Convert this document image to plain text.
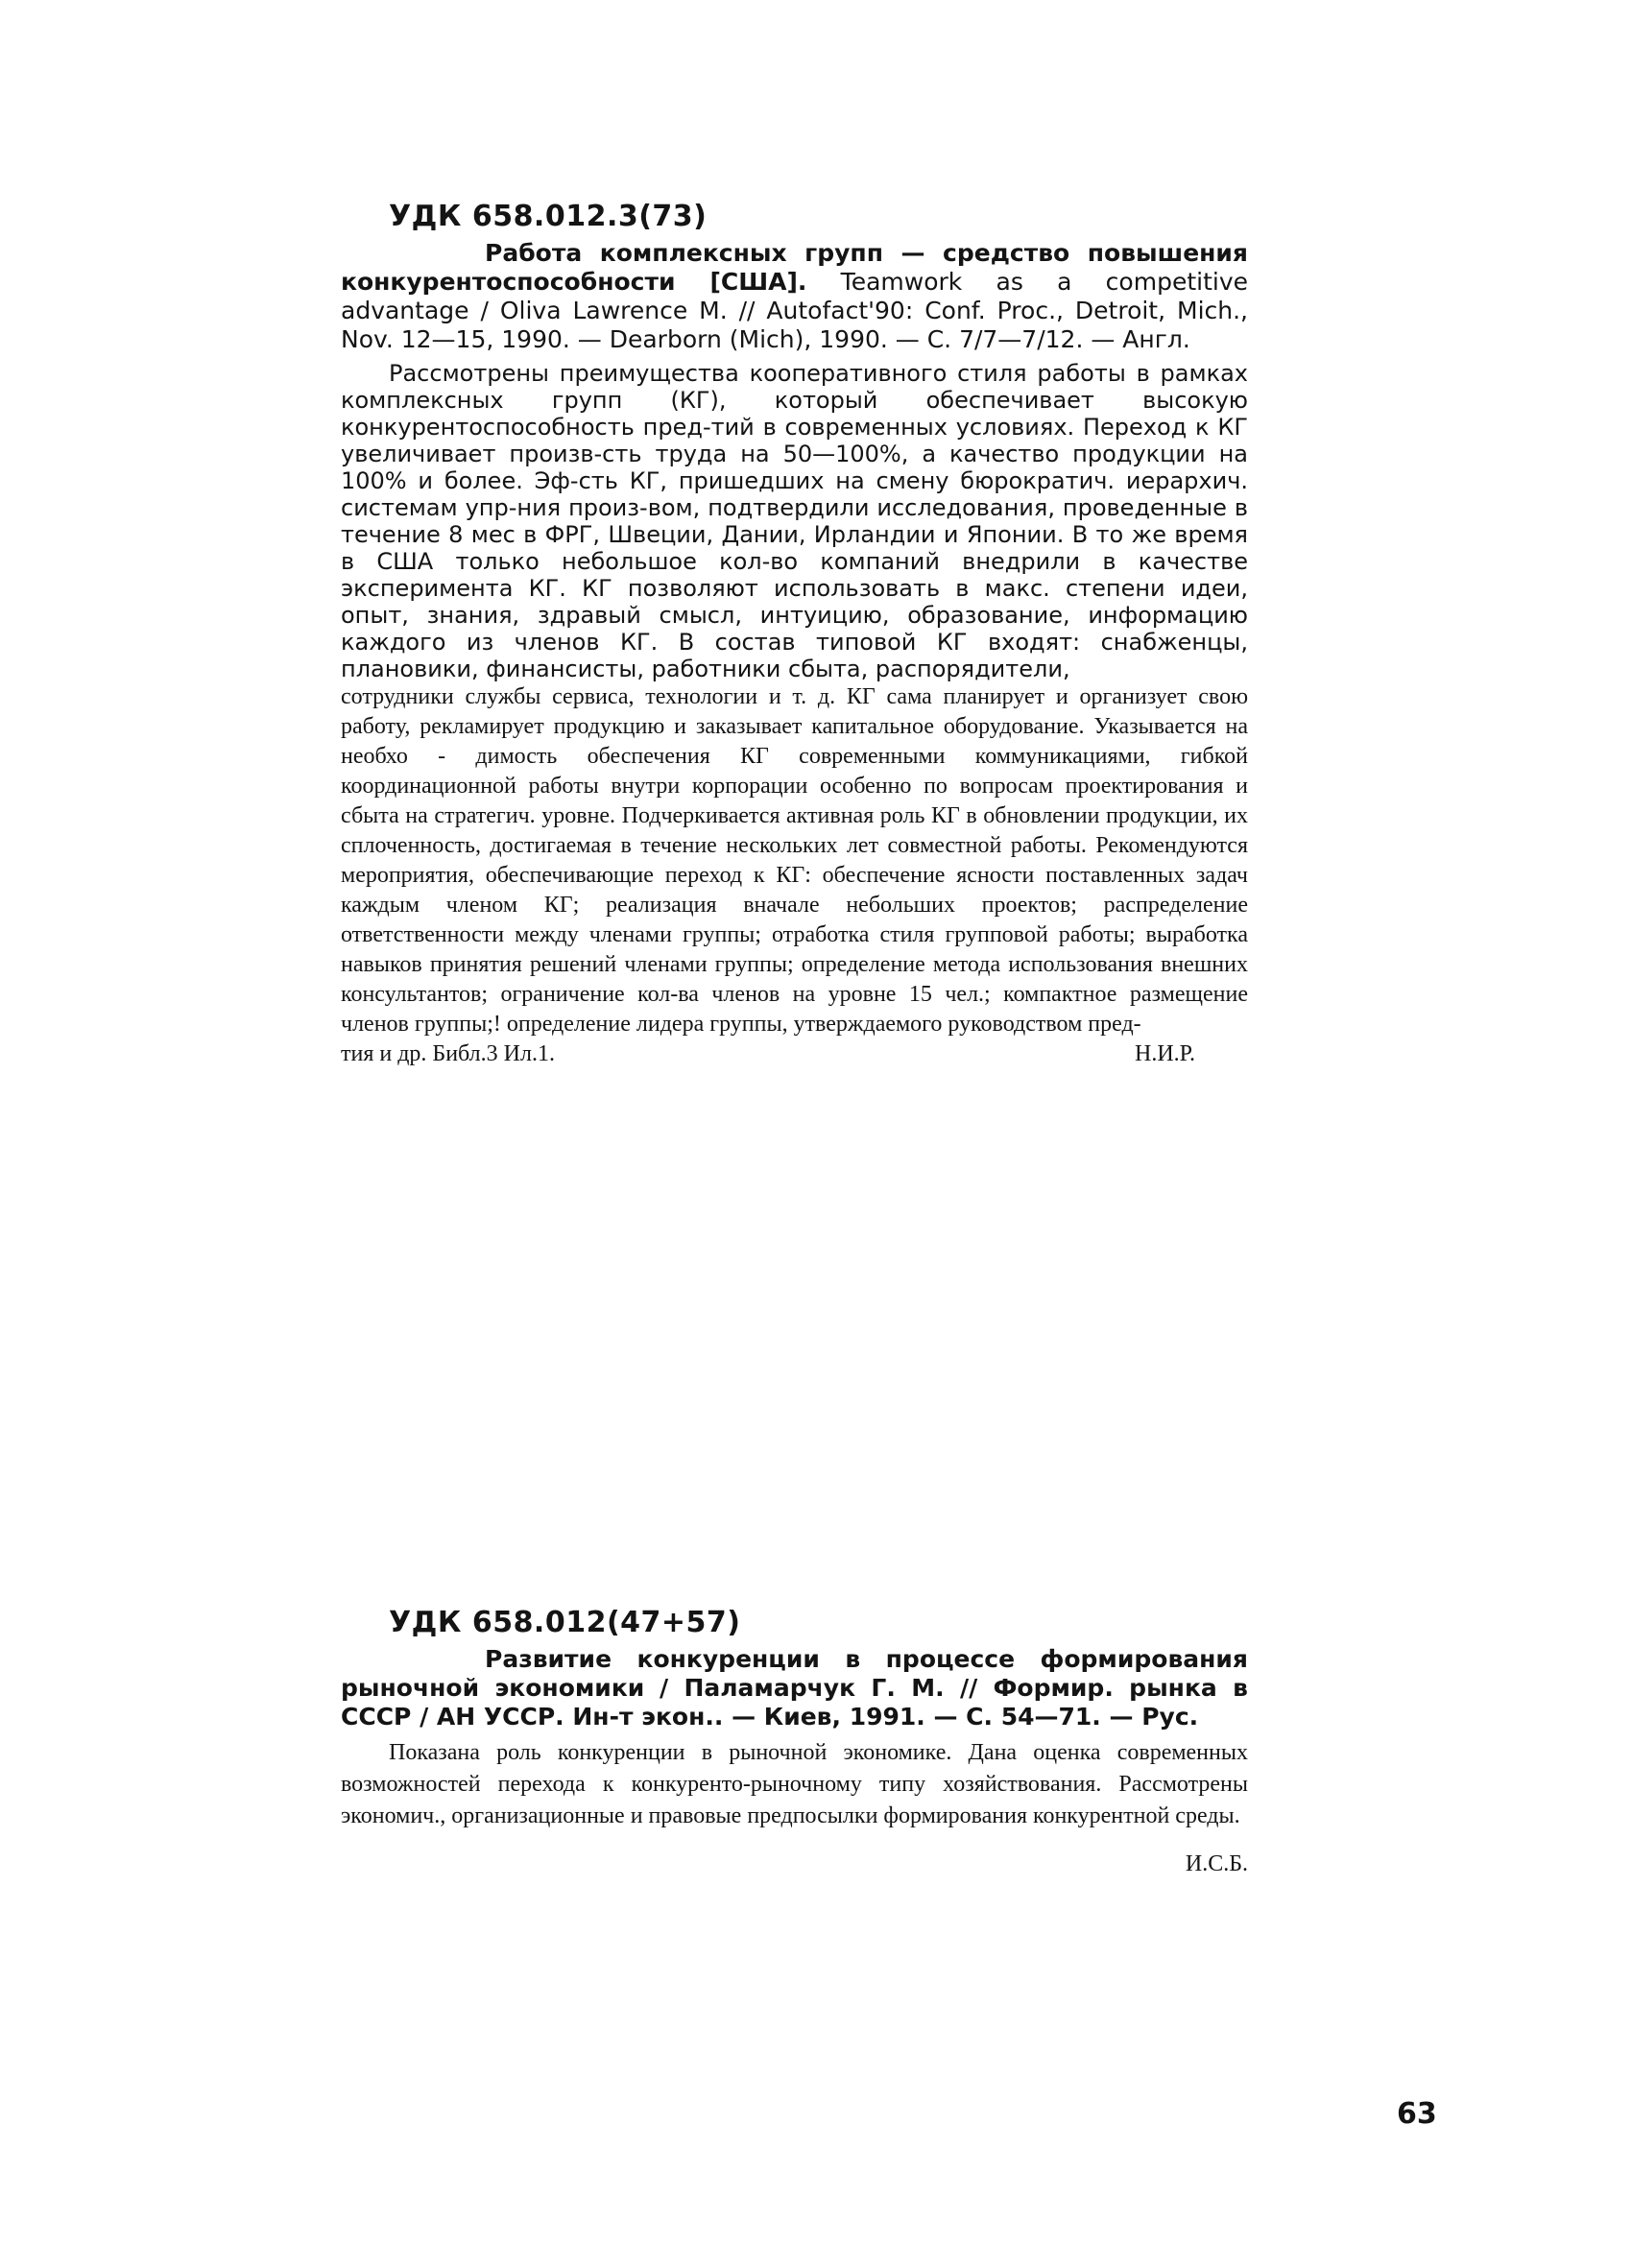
УДК 658.012.3(73)

Работа комплексных групп — средство повышения конкурентоспособности [США]. Teamwork as a competitive advantage / Oliva Lawrence M. // Autofact'90: Conf. Proc., Detroit, Mich., Nov. 12—15, 1990. — Dearborn (Mich), 1990. — С. 7/7—7/12. — Англ.

Рассмотрены преимущества кооперативного стиля работы в рамках комплексных групп (КГ), который обеспечивает высокую конкурентоспособность пред-тий в современных условиях. Переход к КГ увеличивает произв-сть труда на 50—100%, а качество продукции на 100% и более. Эф-сть КГ, пришедших на смену бюрократич. иерархич. системам упр-ния произ-вом, подтвердили исследования, проведенные в течение 8 мес в ФРГ, Швеции, Дании, Ирландии и Японии. В то же время в США только небольшое кол-во компаний внедрили в качестве эксперимента КГ. КГ позволяют использовать в макс. степени идеи, опыт, знания, здравый смысл, интуицию, образование, информацию каждого из членов КГ. В состав типовой КГ входят: снабженцы, плановики, финансисты, работники сбыта, распорядители,

сотрудники службы сервиса, технологии и т. д. КГ сама планирует и организует свою работу, рекламирует продукцию и заказывает капитальное оборудование. Указывается на необхо - димость обеспечения КГ современными коммуникациями, гибкой координационной работы внутри корпорации особенно по вопросам проектирования и сбыта на стратегич. уровне. Подчеркивается активная роль КГ в обновлении продукции, их сплоченность, достигаемая в течение нескольких лет совместной работы. Рекомендуются мероприятия, обеспечивающие переход к КГ: обеспечение ясности поставленных задач каждым членом КГ; реализация вначале небольших проектов; распределение ответственности между членами группы; отработка стиля групповой работы; выработка навыков принятия решений членами группы; определение метода использования внешних консультантов; ограничение кол-ва членов на уровне 15 чел.; компактное размещение членов группы;! определение лидера группы, утверждаемого руководством пред-

тия и др. Библ.3 Ил.1.	Н.И.Р.

УДК 658.012(47+57)

Развитие конкуренции в процессе формирования рыночной экономики / Паламарчук Г. М. // Формир. рынка в СССР / АН УССР. Ин-т экон.. — Киев, 1991. — С. 54—71. — Рус.

Показана роль конкуренции в рыночной экономике. Дана оценка современных возможностей перехода к конкуренто-рыночному типу хозяйствования. Рассмотрены экономич., организационные и правовые предпосылки формирования конкурентной среды.

И.С.Б.

63
